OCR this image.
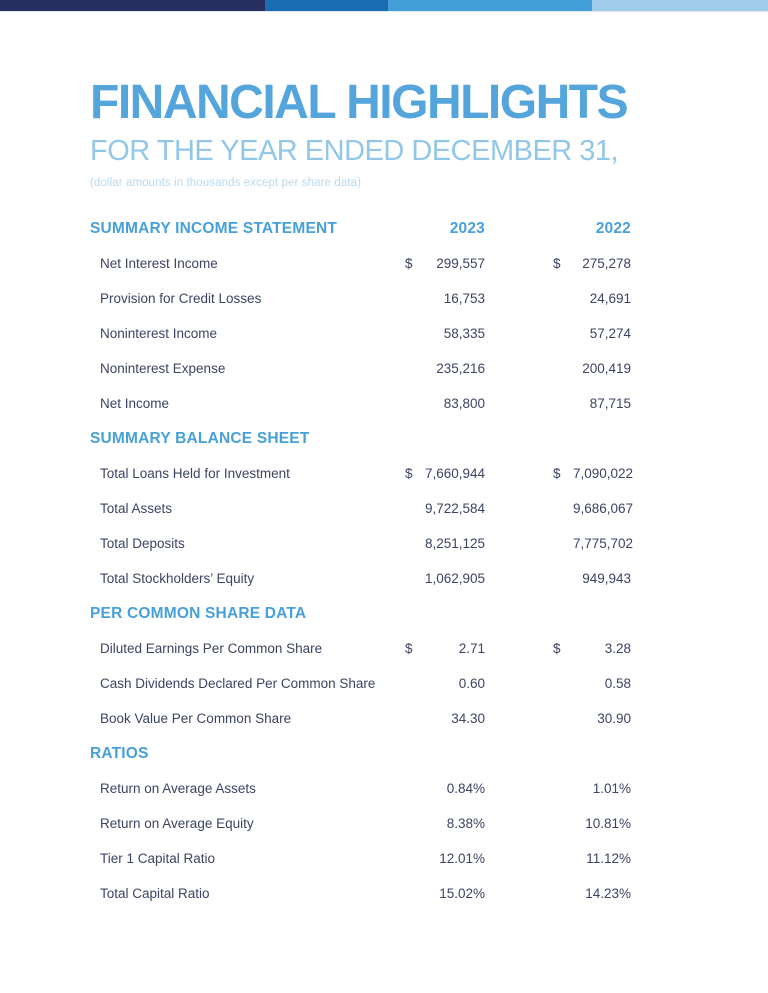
FINANCIAL HIGHLIGHTS
FOR THE YEAR ENDED DECEMBER 31,

(dollar amounts in thousands except per share data)

SUMMARY INCOME STATEMENT	2023	2022
Net Interest Income	$	299,557	$	275,278
Provision for Credit Losses	16,753	24,691
Noninterest Income	58,335	57,274
Noninterest Expense	235,216	200,419
Net Income	83,800	87,715
SUMMARY BALANCE SHEET
Total Loans Held for Investment	$ 7,660,944	$ 7,090,022
Total Assets	9,722,584	9,686,067
Total Deposits	8,251,125	7,775,702
Total Stockholders’ Equity	1,062,905	949,943
PER COMMON SHARE DATA
Diluted Earnings Per Common Share	$	2.71	$	3.28
Cash Dividends Declared Per Common Share	0.60	0.58
Book Value Per Common Share	34.30	30.90
RATIOS
Return on Average Assets	0.84%	1.01%
Return on Average Equity	8.38%	10.81%
Tier 1 Capital Ratio	12.01%	11.12%
Total Capital Ratio	15.02%	14.23%
